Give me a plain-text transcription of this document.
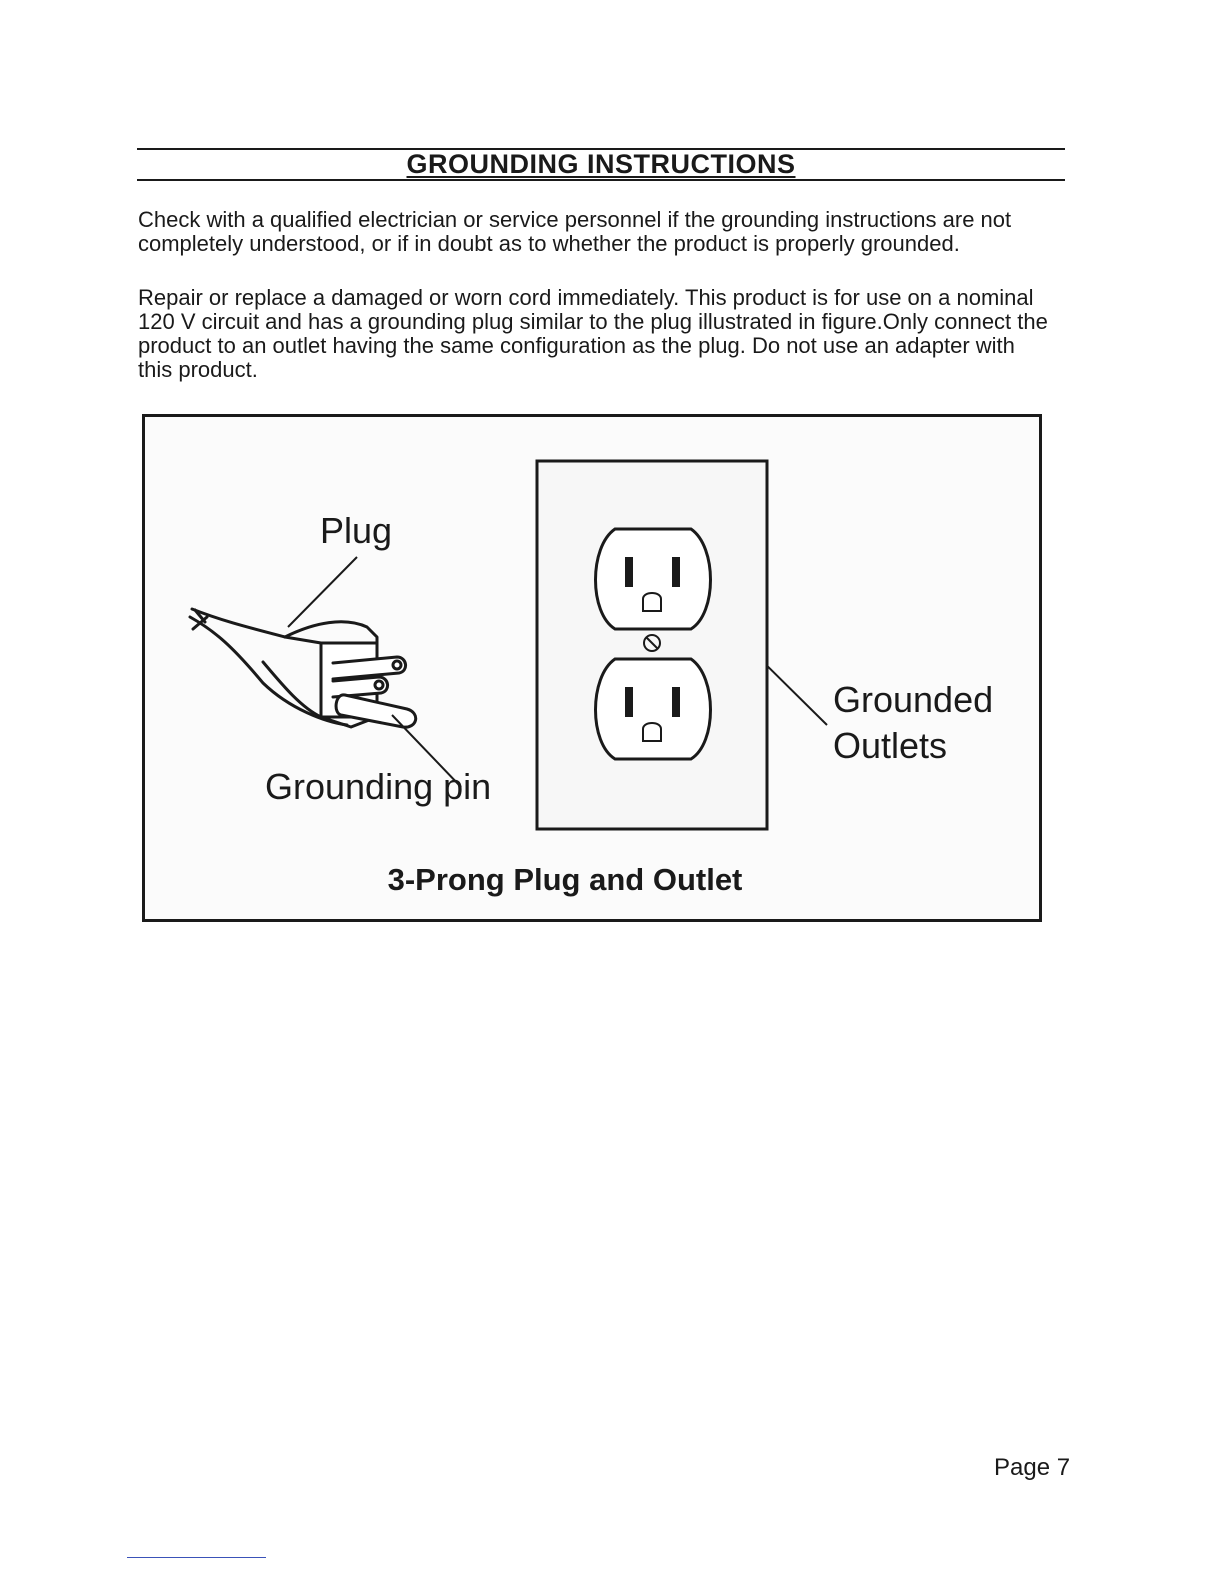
GROUNDING INSTRUCTIONS

Check with a qualified electrician or service personnel if the grounding instructions are not completely understood, or if in doubt as to whether the product is properly grounded.

Repair or replace a damaged or worn cord immediately. This product is for use on a nominal 120 V circuit and has a grounding plug similar to the plug illustrated in figure.Only connect the product to an outlet having the same configuration as the plug. Do not use an adapter with this product.

Plug
Grounding pin
Grounded Outlets
3-Prong Plug and Outlet
Page 7
